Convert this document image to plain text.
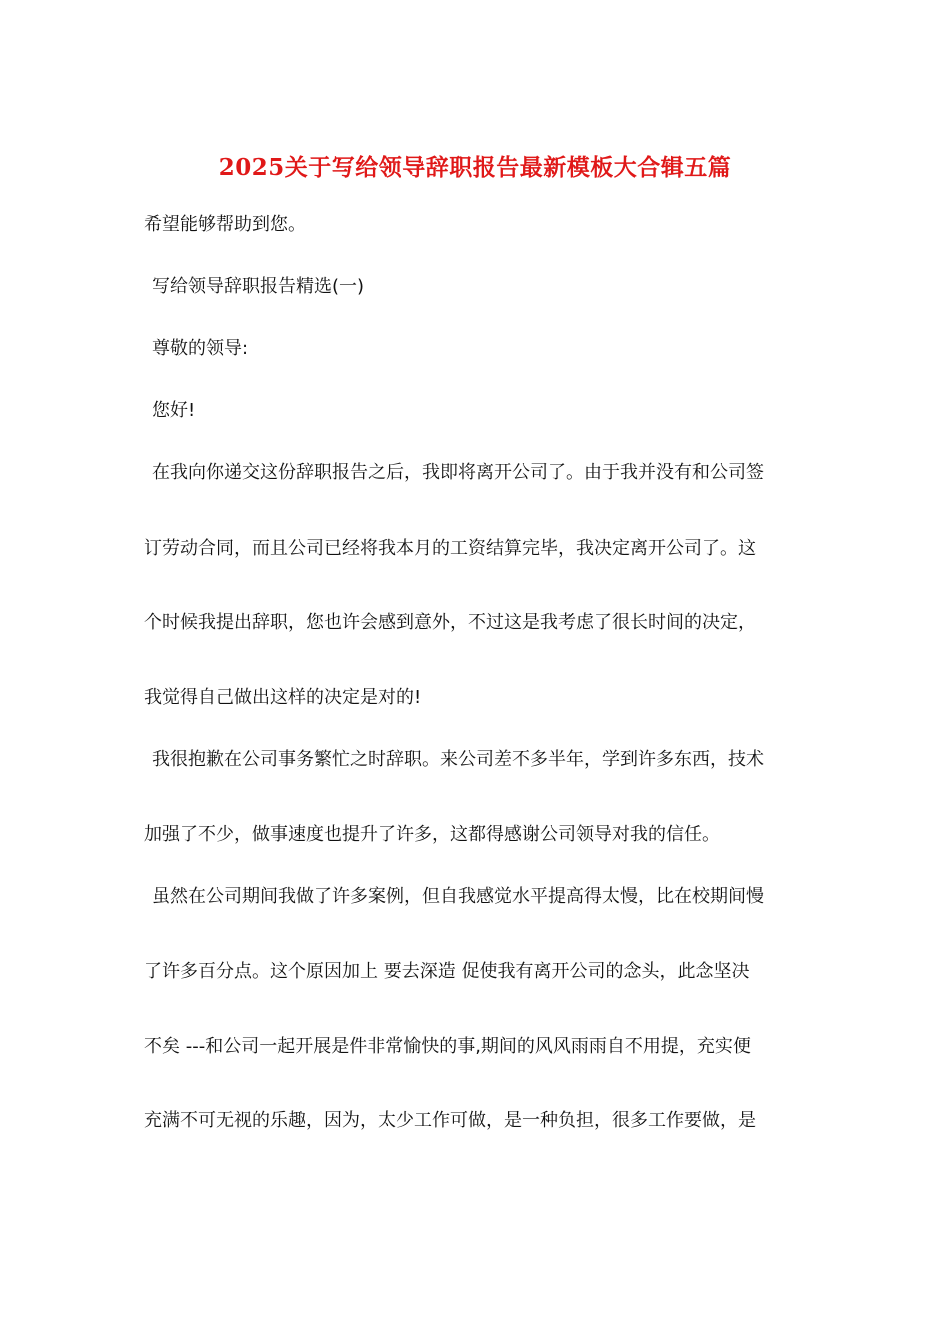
2025关于写给领导辞职报告最新模板大合辑五篇
希望能够帮助到您。
写给领导辞职报告精选(一)
尊敬的领导:
您好!
在我向你递交这份辞职报告之后，我即将离开公司了。由于我并没有和公司签
订劳动合同，而且公司已经将我本月的工资结算完毕，我决定离开公司了。这
个时候我提出辞职，您也许会感到意外，不过这是我考虑了很长时间的决定，
我觉得自己做出这样的决定是对的!
我很抱歉在公司事务繁忙之时辞职。来公司差不多半年，学到许多东西，技术
加强了不少，做事速度也提升了许多，这都得感谢公司领导对我的信任。
虽然在公司期间我做了许多案例，但自我感觉水平提高得太慢，比在校期间慢
了许多百分点。这个原因加上 要去深造 促使我有离开公司的念头，此念坚决
不矣 ---和公司一起开展是件非常愉快的事,期间的风风雨雨自不用提，充实便
充满不可无视的乐趣，因为，太少工作可做，是一种负担，很多工作要做，是
